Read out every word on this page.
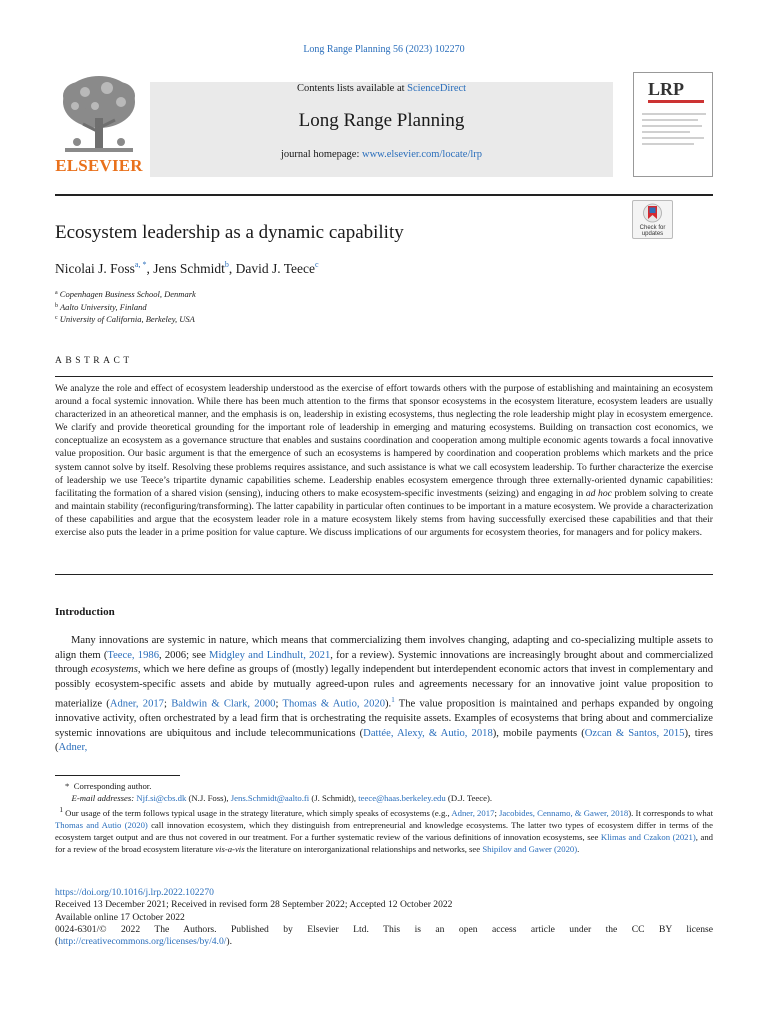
Long Range Planning 56 (2023) 102270
ELSEVIER
Contents lists available at ScienceDirect
Long Range Planning
journal homepage: www.elsevier.com/locate/lrp
LRP
Check for updates
Ecosystem leadership as a dynamic capability
Nicolai J. Foss$^{a, *}$, Jens Schmidt$^b$, David J. Teece$^c$
$^a$ Copenhagen Business School, Denmark
$^b$ Aalto University, Finland
$^c$ University of California, Berkeley, USA
ABSTRACT
We analyze the role and effect of ecosystem leadership understood as the exercise of effort towards others with the purpose of establishing and maintaining an ecosystem around a focal systemic innovation. While there has been much attention to the firms that sponsor ecosystems in the ecosystem literature, ecosystem leaders are usually characterized in an atheoretical manner, and the emphasis is on, leadership in existing ecosystems, thus neglecting the role leadership might play in ecosystem emergence. We clarify and provide theoretical grounding for the important role of leadership in emerging and maturing ecosystems. Building on transaction cost economics, we conceptualize an ecosystem as a governance structure that enables and sustains coordination and cooperation among multiple economic agents towards a focal innovative value proposition. Our basic argument is that the emergence of such an ecosystems is hampered by coordination and cooperation problems which markets and the price system cannot solve by itself. Resolving these problems requires assistance, and such assistance is what we call ecosystem leadership. To further characterize the exercise of leadership we use Teece’s tripartite dynamic capabilities scheme. Leadership enables ecosystem emergence through three externally-oriented dynamic capabilities: facilitating the formation of a shared vision (sensing), inducing others to make ecosystem-specific investments (seizing) and engaging in ad hoc problem solving to create and maintain stability (reconfiguring/transforming). The latter capability in particular often continues to be important in a mature ecosystem. We provide a characterization of these capabilities and argue that the ecosystem leader role in a mature ecosystem likely stems from having successfully exercised these capabilities and that their exercise also puts the leader in a prime position for value capture. We discuss implications of our arguments for ecosystem theories, for managers and for policy makers.
Introduction
Many innovations are systemic in nature, which means that commercializing them involves changing, adapting and co-specializing multiple assets to align them (Teece, 1986, 2006; see Midgley and Lindhult, 2021, for a review). Systemic innovations are increasingly brought about and commercialized through ecosystems, which we here define as groups of (mostly) legally independent but interdependent economic actors that invest in complementary and possibly ecosystem-specific assets and abide by mutually agreed-upon rules and agreements necessary for an innovative joint value proposition to materialize (Adner, 2017; Baldwin & Clark, 2000; Thomas & Autio, 2020).$^1$ The value proposition is maintained and perhaps expanded by ongoing innovative activity, often orchestrated by a lead firm that is orchestrating the requisite assets. Examples of ecosystems that bring about and commercialize systemic innovations are ubiquitous and include telecommunications (Dattée, Alexy, & Autio, 2018), mobile payments (Ozcan & Santos, 2015), tires (Adner,

* Corresponding author.

E-mail addresses: Njf.si@cbs.dk (N.J. Foss), Jens.Schmidt@aalto.fi (J. Schmidt), teece@haas.berkeley.edu (D.J. Teece).

$^1$ Our usage of the term follows typical usage in the strategy literature, which simply speaks of ecosystems (e.g., Adner, 2017; Jacobides, Cennamo, & Gawer, 2018). It corresponds to what Thomas and Autio (2020) call innovation ecosystem, which they distinguish from entrepreneurial and knowledge ecosystems. The latter two types of ecosystem differ in terms of the ecosystem target output and are thus not covered in our treatment. For a further systematic review of the various definitions of innovation ecosystems, see Klimas and Czakon (2021), and for a review of the broad ecosystem literature vis-a-vis the literature on interorganizational relationships and networks, see Shipilov and Gawer (2020).

https://doi.org/10.1016/j.lrp.2022.102270

Received 13 December 2021; Received in revised form 28 September 2022; Accepted 12 October 2022

Available online 17 October 2022

0024-6301/© 2022 The Authors. Published by Elsevier Ltd. This is an open access article under the CC BY license

(http://creativecommons.org/licenses/by/4.0/).
